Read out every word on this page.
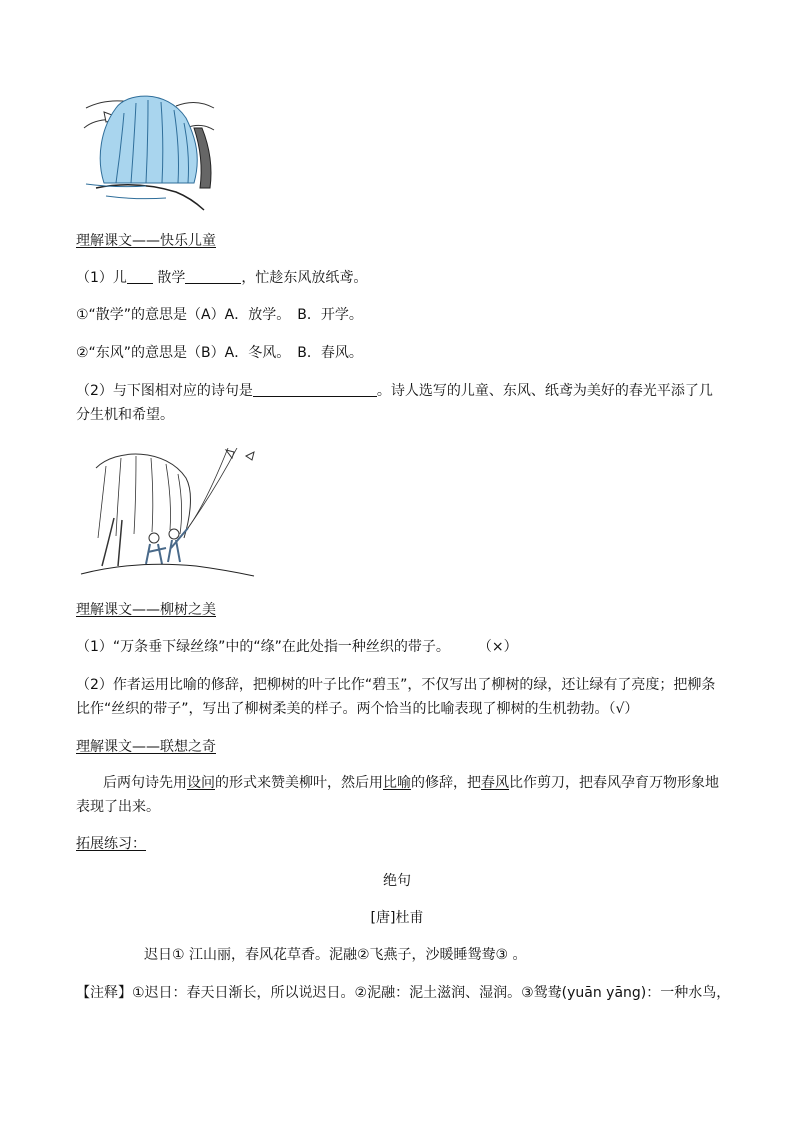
理解课文——快乐儿童
（1）儿 散学	，忙趁东风放纸鸢。
①“散学”的意思是（A）A．放学。　B．开学。
②“东风”的意思是（B）A．冬风。　B．春风。
（2）与下图相对应的诗句是	。诗人选写的儿童、东风、纸鸢为美好的春光平添了几
分生机和希望。
理解课文——柳树之美
（1）“万条垂下绿丝绦”中的“绦”在此处指一种丝织的带子。　　　（×）
（2）作者运用比喻的修辞，把柳树的叶子比作“碧玉”，不仅写出了柳树的绿，还让绿有了亮度；把柳条
比作“丝织的带子”，写出了柳树柔美的样子。两个恰当的比喻表现了柳树的生机勃勃。（√）
理解课文——联想之奇
后两句诗先用设问的形式来赞美柳叶，然后用比喻的修辞，把春风比作剪刀，把春风孕育万物形象地
表现了出来。
拓展练习：
绝句
[唐]杜甫
迟日① 江山丽，春风花草香。泥融②飞燕子，沙暖睡鸳鸯③ 。
【注释】①迟日：春天日渐长，所以说迟日。②泥融：泥土滋润、湿润。③鸳鸯(yuān yāng)：一种水鸟，
